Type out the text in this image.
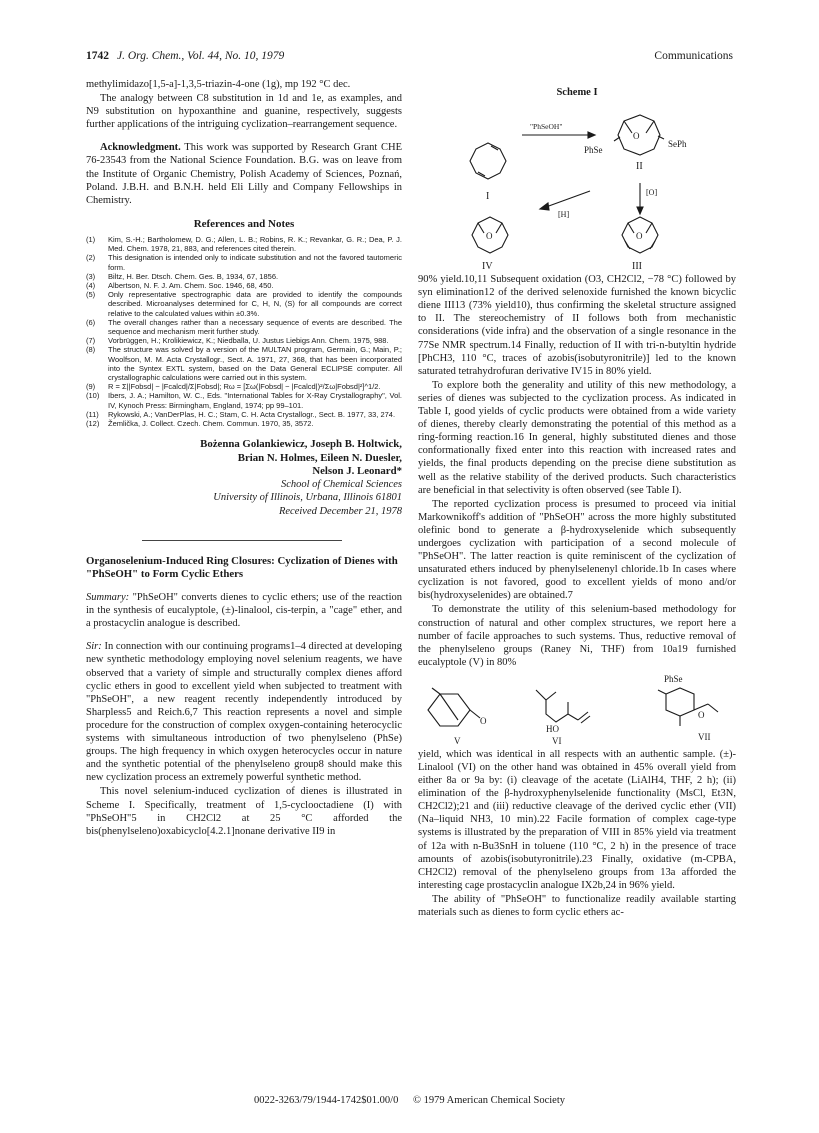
1742 J. Org. Chem., Vol. 44, No. 10, 1979	Communications

methylimidazo[1,5-a]-1,3,5-triazin-4-one (1g), mp 192 °C dec.

The analogy between C8 substitution in 1d and 1e, as examples, and N9 substitution on hypoxanthine and guanine, respectively, suggests further applications of the intriguing cyclization–rearrangement sequence.

Acknowledgment. This work was supported by Research Grant CHE 76-23543 from the National Science Foundation. B.G. was on leave from the Institute of Organic Chemistry, Polish Academy of Sciences, Poznań, Poland. J.B.H. and B.N.H. held Eli Lilly and Company Fellowships in Chemistry.

References and Notes
(1) Kim, S.-H.; Bartholomew, D. G.; Allen, L. B.; Robins, R. K.; Revankar, G. R.; Dea, P. J. Med. Chem. 1978, 21, 883, and references cited therein.
(2) This designation is intended only to indicate substitution and not the favored tautomeric form.
(3) Biltz, H. Ber. Dtsch. Chem. Ges. B, 1934, 67, 1856.
(4) Albertson, N. F. J. Am. Chem. Soc. 1946, 68, 450.
(5) Only representative spectrographic data are provided to identify the compounds described. Microanalyses determined for C, H, N, (S) for all compounds are correct relative to the calculated values within ±0.3%.
(6) The overall changes rather than a necessary sequence of events are described. The sequence and mechanism merit further study.
(7) Vorbrüggen, H.; Krolikiewicz, K.; Niedballa, U. Justus Liebigs Ann. Chem. 1975, 988.
(8) The structure was solved by a version of the MULTAN program, Germain, G.; Main, P.; Woolfson, M. M. Acta Crystallogr., Sect. A. 1971, 27, 368, that has been incorporated into the Syntex EXTL system, based on the Data General ECLIPSE computer. All crystallographic calculations were carried out in this system.
(9) R = Σ||Fobsd| − |Fcalcd|/Σ|Fobsd|; Rω = [Σω(|Fobsd| − |Fcalcd|)²/Σω|Fobsd|²]^1/2.
(10) Ibers, J. A.; Hamilton, W. C., Eds. "International Tables for X-Ray Crystallography", Vol. IV, Kynoch Press: Birmingham, England, 1974; pp 99–101.
(11) Rykowski, A.; VanDerPlas, H. C.; Stam, C. H. Acta Crystallogr., Sect. B. 1977, 33, 274.
(12) Žemlička, J. Collect. Czech. Chem. Commun. 1970, 35, 3572.
Bożenna Golankiewicz, Joseph B. Holtwick,
Brian N. Holmes, Eileen N. Duesler,
Nelson J. Leonard*
School of Chemical Sciences
University of Illinois, Urbana, Illinois 61801
Received December 21, 1978
Organoselenium-Induced Ring Closures: Cyclization of Dienes with "PhSeOH" to Form Cyclic Ethers

Summary: "PhSeOH" converts dienes to cyclic ethers; use of the reaction in the synthesis of eucalyptole, (±)-linalool, cis-terpin, a "cage" ether, and a prostacyclin analogue is described.

Sir: In connection with our continuing programs1–4 directed at developing new synthetic methodology employing novel selenium reagents, we have observed that a variety of simple and structurally complex dienes afford cyclic ethers in good to excellent yield when subjected to treatment with "PhSeOH", a new reagent recently independently introduced by Sharpless5 and Reich.6,7 This reaction represents a novel and simple procedure for the construction of complex oxygen-containing heterocyclic systems with simultaneous introduction of two phenylseleno (PhSe) groups. The high frequency in which oxygen heterocycles occur in nature and the synthetic potential of the phenylseleno group8 should make this new cyclization process an extremely powerful synthetic method.

This novel selenium-induced cyclization of dienes is illustrated in Scheme I. Specifically, treatment of 1,5-cyclooctadiene (I) with "PhSeOH"5 in CH2Cl2 at 25 °C afforded the bis(phenylseleno)oxabicyclo[4.2.1]nonane derivative II9 in

Scheme I
I
"PhSeOH"
O
PhSe
SePh
II
[O]
[H]
O
IV
O
III

90% yield.10,11 Subsequent oxidation (O3, CH2Cl2, −78 °C) followed by syn elimination12 of the derived selenoxide furnished the known bicyclic diene III13 (73% yield10), thus confirming the skeletal structure assigned to II. The stereochemistry of II follows both from mechanistic considerations (vide infra) and the observation of a single resonance in the 77Se NMR spectrum.14 Finally, reduction of II with tri-n-butyltin hydride [PhCH3, 110 °C, traces of azobis(isobutyronitrile)] led to the known saturated tetrahydrofuran derivative IV15 in 80% yield.

To explore both the generality and utility of this new methodology, a series of dienes was subjected to the cyclization process. As indicated in Table I, good yields of cyclic products were obtained from a wide variety of dienes, thereby clearly demonstrating the potential of this method as a ring-forming reaction.16 In general, highly substituted dienes and those conformationally fixed enter into this reaction with increased rates and yields, the final products depending on the precise diene substitution as well as the relative stability of the derived products. Such characteristics are beneficial in that selectivity is often observed (see Table I).

The reported cyclization process is presumed to proceed via initial Markownikoff's addition of "PhSeOH" across the more highly substituted olefinic bond to generate a β-hydroxyselenide which subsequently undergoes cyclization with participation of a second molecule of "PhSeOH". The latter reaction is quite reminiscent of the cyclization of unsaturated ethers induced by phenylselenenyl chloride.1b In cases where cyclization is not favored, good to excellent yields of mono and/or bis(hydroxyselenides) are obtained.7

To demonstrate the utility of this selenium-based methodology for construction of natural and other complex structures, we report here a number of facile approaches to such systems. Thus, reductive removal of the phenylseleno groups (Raney Ni, THF) from 10a19 furnished eucalyptole (V) in 80%

O
V
HO
VI
PhSe
O
VII

yield, which was identical in all respects with an authentic sample. (±)-Linalool (VI) on the other hand was obtained in 45% overall yield from either 8a or 9a by: (i) cleavage of the acetate (LiAlH4, THF, 2 h); (ii) elimination of the β-hydroxyphenylselenide functionality (MsCl, Et3N, CH2Cl2);21 and (iii) reductive cleavage of the derived cyclic ether (VII) (Na–liquid NH3, 10 min).22 Facile formation of complex cage-type systems is illustrated by the preparation of VIII in 85% yield via treatment of 12a with n-Bu3SnH in toluene (110 °C, 2 h) in the presence of trace amounts of azobis(isobutyronitrile).23 Finally, oxidative (m-CPBA, CH2Cl2) removal of the phenylseleno groups from 13a afforded the interesting cage prostacyclin analogue IX2b,24 in 96% yield.

The ability of "PhSeOH" to functionalize readily available starting materials such as dienes to form cyclic ethers ac-

0022-3263/79/1944-1742$01.00/0 © 1979 American Chemical Society
